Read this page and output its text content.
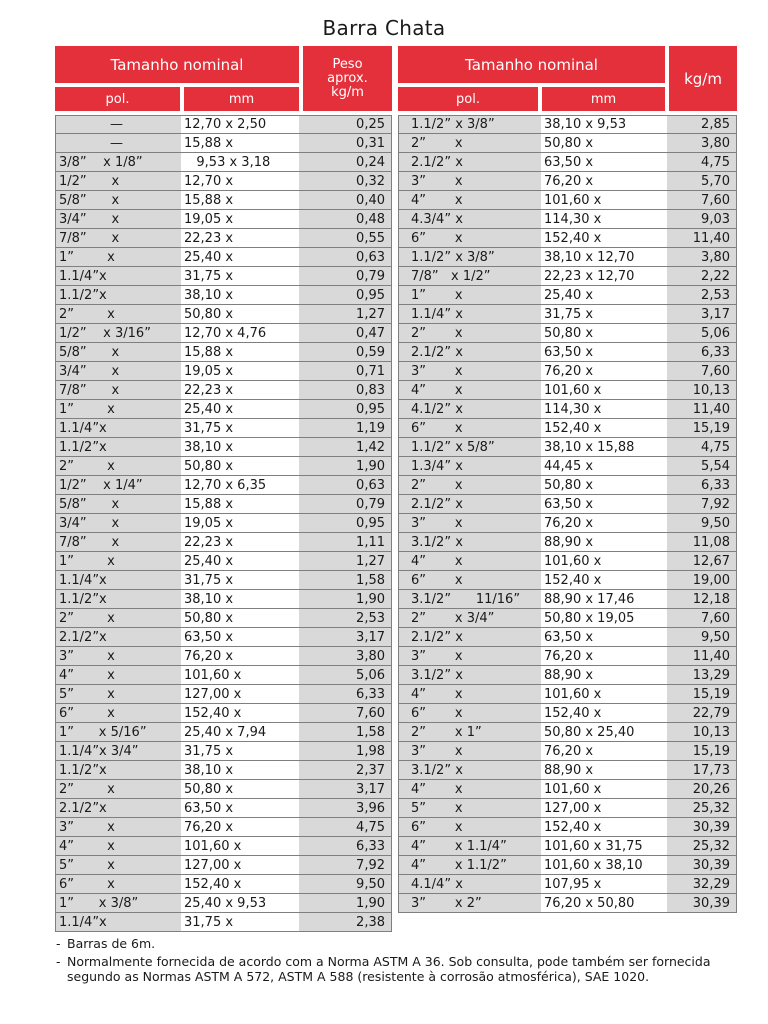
Barra Chata
Tamanho nominal
pol.	mm
Peso
aprox.
kg/m
—	12,70 x 2,50	0,25
—	15,88 x	0,31
3/8”    x 1/8”	9,53 x 3,18	0,24
1/2”      x	12,70 x	0,32
5/8”      x	15,88 x	0,40
3/4”      x	19,05 x	0,48
7/8”      x	22,23 x	0,55
1”        x	25,40 x	0,63
1.1/4”x	31,75 x	0,79
1.1/2”x	38,10 x	0,95
2”        x	50,80 x	1,27
1/2”    x 3/16”	12,70 x 4,76	0,47
5/8”      x	15,88 x	0,59
3/4”      x	19,05 x	0,71
7/8”      x	22,23 x	0,83
1”        x	25,40 x	0,95
1.1/4”x	31,75 x	1,19
1.1/2”x	38,10 x	1,42
2”        x	50,80 x	1,90
1/2”    x 1/4”	12,70 x 6,35	0,63
5/8”      x	15,88 x	0,79
3/4”      x	19,05 x	0,95
7/8”      x	22,23 x	1,11
1”        x	25,40 x	1,27
1.1/4”x	31,75 x	1,58
1.1/2”x	38,10 x	1,90
2”        x	50,80 x	2,53
2.1/2”x	63,50 x	3,17
3”        x	76,20 x	3,80
4”        x	101,60 x	5,06
5”        x	127,00 x	6,33
6”        x	152,40 x	7,60
1”      x 5/16”	25,40 x 7,94	1,58
1.1/4”x 3/4”	31,75 x	1,98
1.1/2”x	38,10 x	2,37
2”        x	50,80 x	3,17
2.1/2”x	63,50 x	3,96
3”        x	76,20 x	4,75
4”        x	101,60 x	6,33
5”        x	127,00 x	7,92
6”        x	152,40 x	9,50
1”      x 3/8”	25,40 x 9,53	1,90
1.1/4”x	31,75 x	2,38
Tamanho nominal
pol.	mm
kg/m
1.1/2” x 3/8”	38,10 x 9,53	2,85
2”       x	50,80 x	3,80
2.1/2” x	63,50 x	4,75
3”       x	76,20 x	5,70
4”       x	101,60 x	7,60
4.3/4” x	114,30 x	9,03
6”       x	152,40 x	11,40
1.1/2” x 3/8”	38,10 x 12,70	3,80
7/8”   x 1/2”	22,23 x 12,70	2,22
1”       x	25,40 x	2,53
1.1/4” x	31,75 x	3,17
2”       x	50,80 x	5,06
2.1/2” x	63,50 x	6,33
3”       x	76,20 x	7,60
4”       x	101,60 x	10,13
4.1/2” x	114,30 x	11,40
6”       x	152,40 x	15,19
1.1/2” x 5/8”	38,10 x 15,88	4,75
1.3/4” x	44,45 x	5,54
2”       x	50,80 x	6,33
2.1/2” x	63,50 x	7,92
3”       x	76,20 x	9,50
3.1/2” x	88,90 x	11,08
4”       x	101,60 x	12,67
6”       x	152,40 x	19,00
3.1/2”      11/16”	88,90 x 17,46	12,18
2”       x 3/4”	50,80 x 19,05	7,60
2.1/2” x	63,50 x	9,50
3”       x	76,20 x	11,40
3.1/2” x	88,90 x	13,29
4”       x	101,60 x	15,19
6”       x	152,40 x	22,79
2”       x 1”	50,80 x 25,40	10,13
3”       x	76,20 x	15,19
3.1/2” x	88,90 x	17,73
4”       x	101,60 x	20,26
5”       x	127,00 x	25,32
6”       x	152,40 x	30,39
4”       x 1.1/4”	101,60 x 31,75	25,32
4”       x 1.1/2”	101,60 x 38,10	30,39
4.1/4” x	107,95 x	32,29
3”       x 2”	76,20 x 50,80	30,39
- Barras de 6m.
- Normalmente fornecida de acordo com a Norma ASTM A 36. Sob consulta, pode também ser fornecida segundo as Normas ASTM A 572, ASTM A 588 (resistente à corrosão atmosférica), SAE 1020.
